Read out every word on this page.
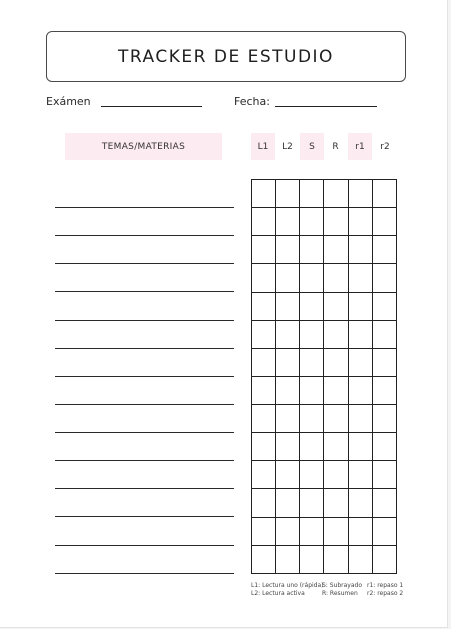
TRACKER DE ESTUDIO
Exámen	Fecha:
TEMAS/MATERIAS	L1 L2 S R r1 r2
L1: Lectura uno (rápida)
L2: Lectura activa
S: Subrayado
R: Resumen
r1: repaso 1
r2: repaso 2
